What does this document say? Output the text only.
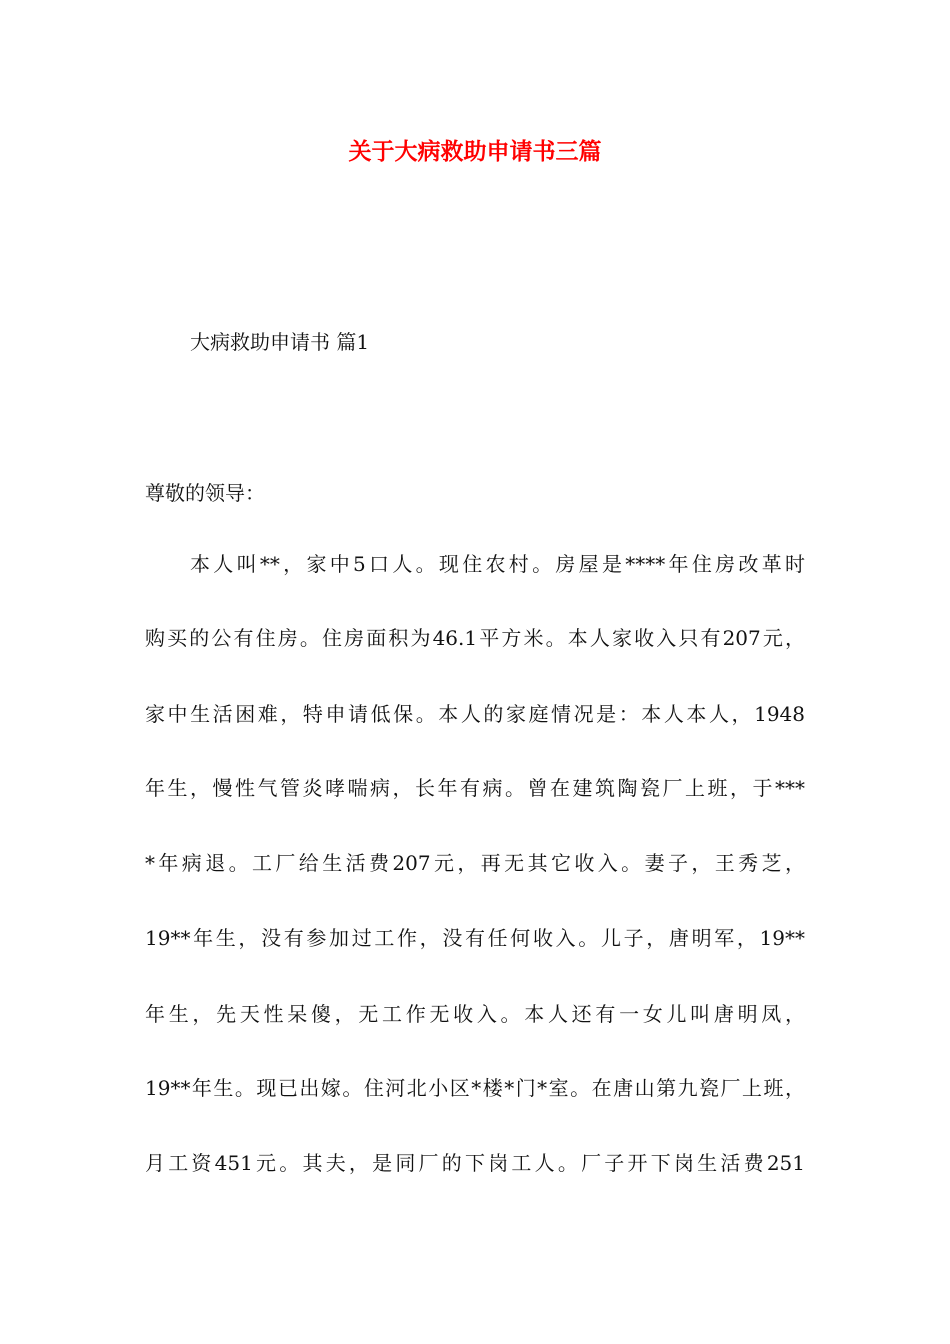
关于大病救助申请书三篇

大病救助申请书 篇1

尊敬的领导：

本人叫**，家中5口人。现住农村。房屋是****年住房改革时

购买的公有住房。住房面积为46.1平方米。本人家收入只有207元，

家中生活困难，特申请低保。本人的家庭情况是：本人本人，1948

年生，慢性气管炎哮喘病，长年有病。曾在建筑陶瓷厂上班，于***

*年病退。工厂给生活费207元，再无其它收入。妻子，王秀芝，

19**年生，没有参加过工作，没有任何收入。儿子，唐明军，19**

年生，先天性呆傻，无工作无收入。本人还有一女儿叫唐明凤，

19**年生。现已出嫁。住河北小区*楼*门*室。在唐山第九瓷厂上班，

月工资451元。其夫，是同厂的下岗工人。厂子开下岗生活费251
